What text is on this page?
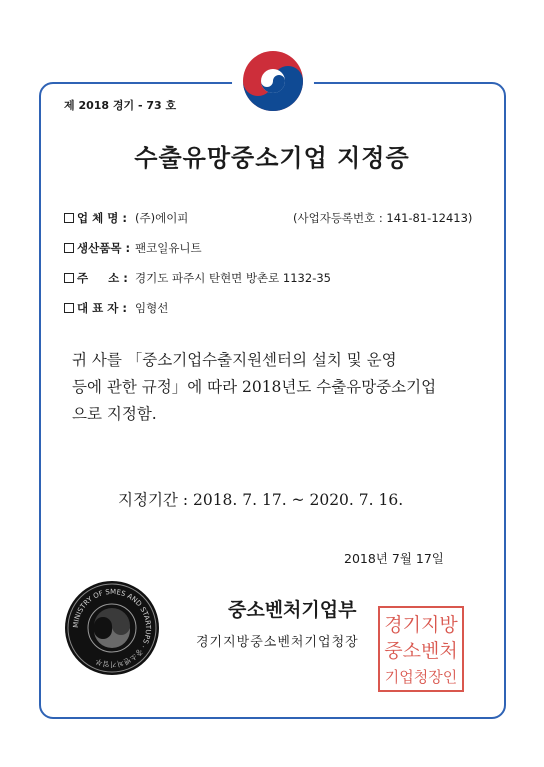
제 2018 경기 - 73 호
수출유망중소기업 지정증
업 체 명 : (주)에이피	(사업자등록번호 : 141-81-12413)
생산품목 : 팬코일유니트
주     소 : 경기도 파주시 탄현면 방촌로 1132-35
대 표 자 : 임형선
귀 사를 「중소기업수출지원센터의 설치 및 운영
등에 관한 규정」에 따라 2018년도 수출유망중소기업
으로 지정함.
지정기간 : 2018. 7. 17. ~ 2020. 7. 16.
2018년 7월 17일
MINISTRY OF SMES AND STARTUPS · 중소벤처기업부
중소벤처기업부
경기지방중소벤처기업청장
경기지방
중소벤처
기업청장인
